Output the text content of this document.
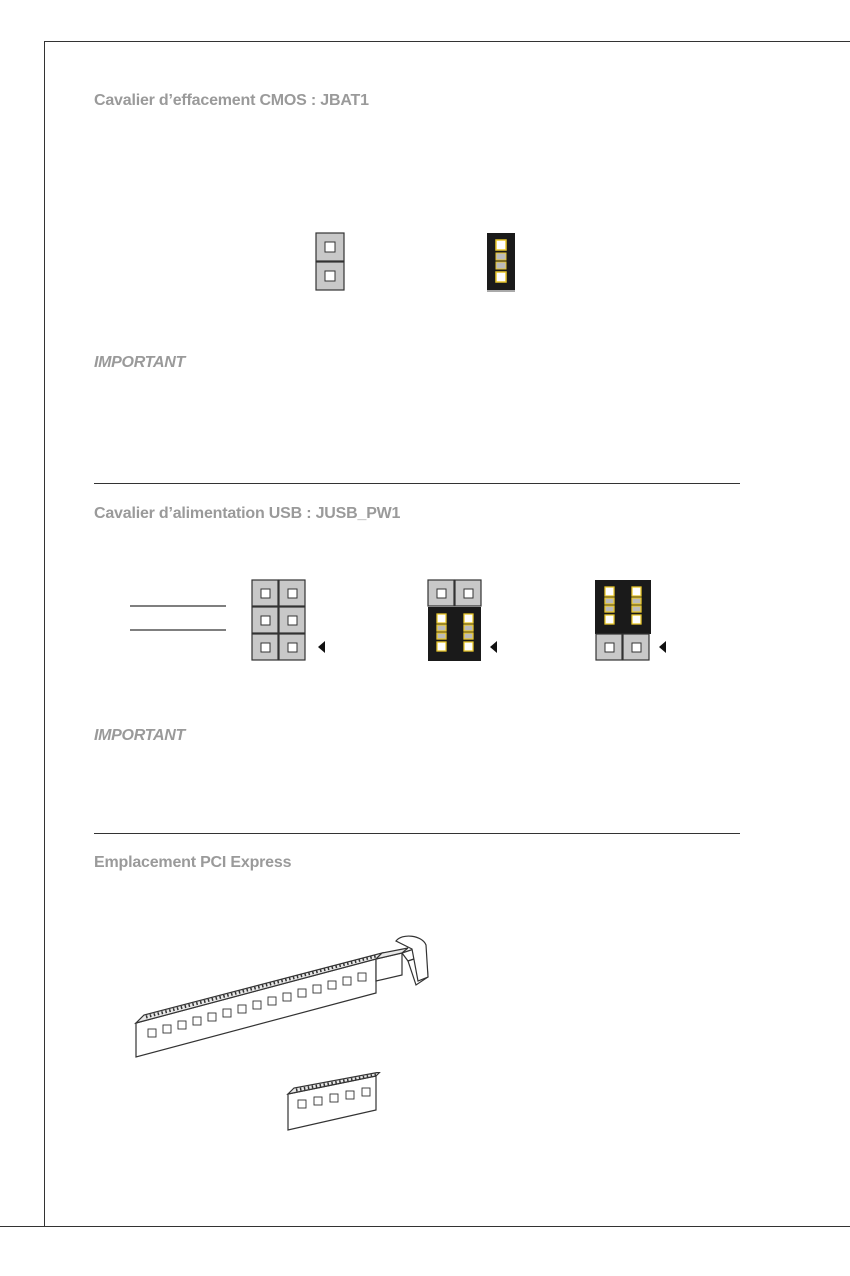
Cavalier d’effacement CMOS : JBAT1
IMPORTANT
Cavalier d’alimentation USB : JUSB_PW1
IMPORTANT
Emplacement PCI Express
